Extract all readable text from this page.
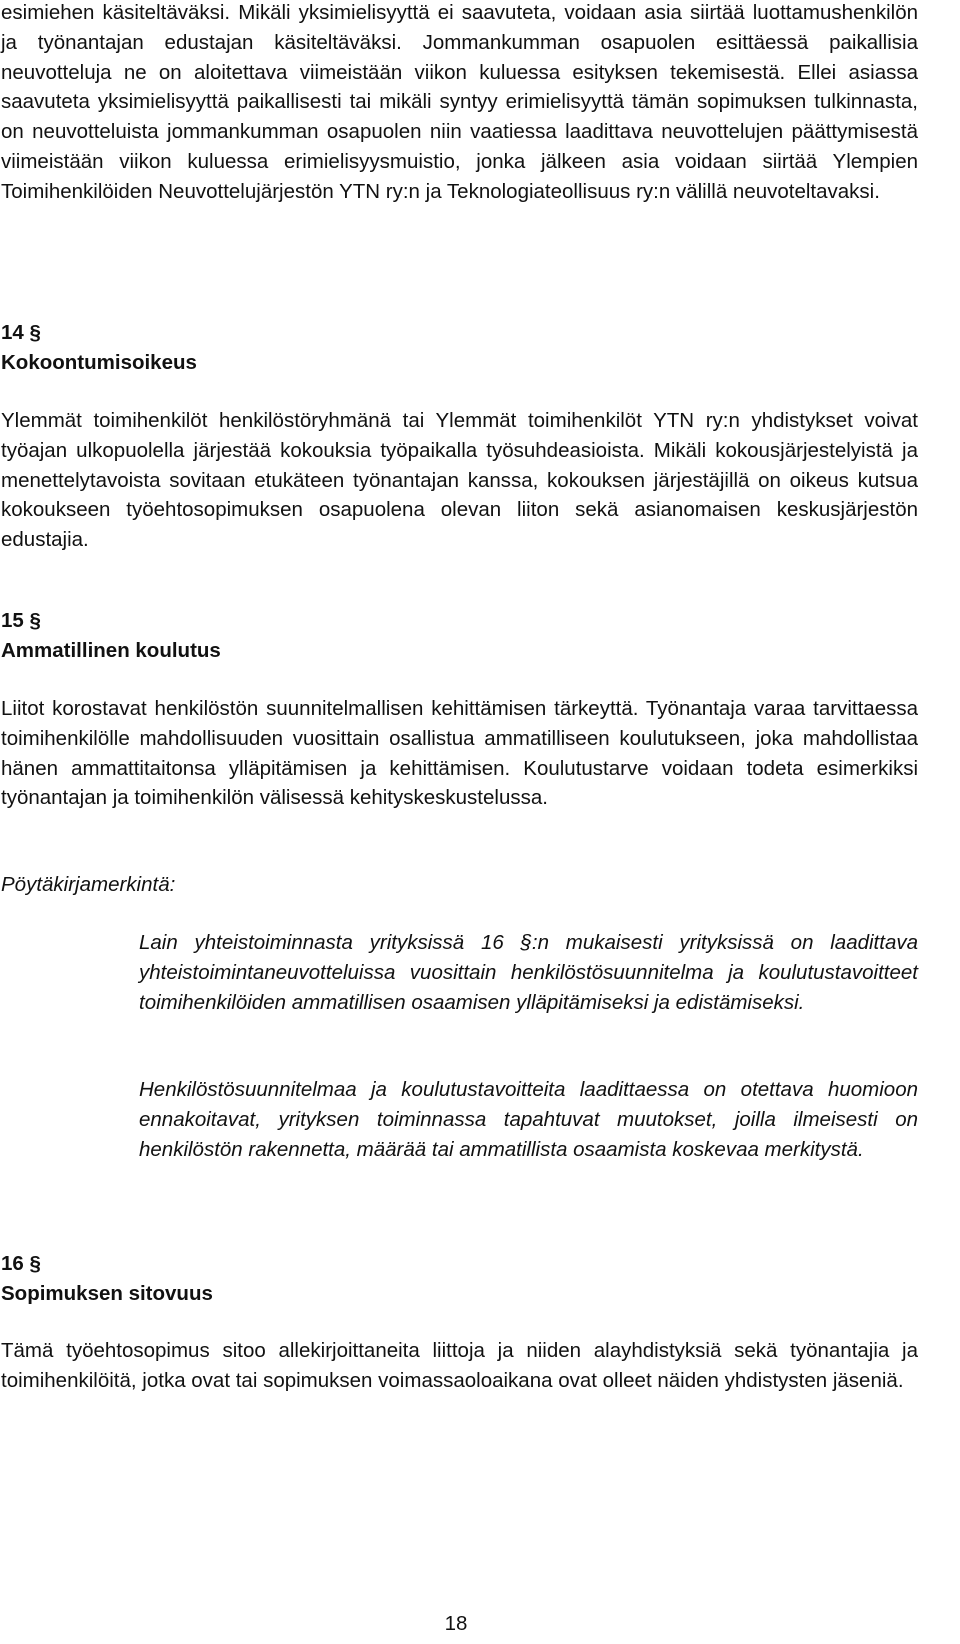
esimiehen käsiteltäväksi. Mikäli yksimielisyyttä ei saavuteta, voidaan asia siirtää luottamushenkilön ja työnantajan edustajan käsiteltäväksi. Jommankumman osapuolen esittäessä paikallisia neuvotteluja ne on aloitettava viimeistään viikon kuluessa esityksen tekemisestä. Ellei asiassa saavuteta yksimielisyyttä paikallisesti tai mikäli syntyy erimielisyyttä tämän sopimuksen tulkinnasta, on neuvotteluista jommankumman osapuolen niin vaatiessa laadittava neuvottelujen päättymisestä viimeistään viikon kuluessa erimielisyysmuistio, jonka jälkeen asia voidaan siirtää Ylempien Toimihenkilöiden Neuvottelujärjestön YTN ry:n ja Teknologiateollisuus ry:n välillä neuvoteltavaksi.

14 §

Kokoontumisoikeus

Ylemmät toimihenkilöt henkilöstöryhmänä tai Ylemmät toimihenkilöt YTN ry:n yhdistykset voivat työajan ulkopuolella järjestää kokouksia työpaikalla työsuhdeasioista. Mikäli kokousjärjestelyistä ja menettelytavoista sovitaan etukäteen työnantajan kanssa, kokouksen järjestäjillä on oikeus kutsua kokoukseen työehtosopimuksen osapuolena olevan liiton sekä asianomaisen keskusjärjestön edustajia.

15 §

Ammatillinen koulutus

Liitot korostavat henkilöstön suunnitelmallisen kehittämisen tärkeyttä. Työnantaja varaa tarvittaessa toimihenkilölle mahdollisuuden vuosittain osallistua ammatilliseen koulutukseen, joka mahdollistaa hänen ammattitaitonsa ylläpitämisen ja kehittämisen. Koulutustarve voidaan todeta esimerkiksi työnantajan ja toimihenkilön välisessä kehityskeskustelussa.

Pöytäkirjamerkintä:

Lain yhteistoiminnasta yrityksissä 16 §:n mukaisesti yrityksissä on laadittava yhteistoimintaneuvotteluissa vuosittain henkilöstösuunnitelma ja koulutustavoitteet toimihenkilöiden ammatillisen osaamisen ylläpitämiseksi ja edistämiseksi.

Henkilöstösuunnitelmaa ja koulutustavoitteita laadittaessa on otettava huomioon ennakoitavat, yrityksen toiminnassa tapahtuvat muutokset, joilla ilmeisesti on henkilöstön rakennetta, määrää tai ammatillista osaamista koskevaa merkitystä.

16 §

Sopimuksen sitovuus

Tämä työehtosopimus sitoo allekirjoittaneita liittoja ja niiden alayhdistyksiä sekä työnantajia ja toimihenkilöitä, jotka ovat tai sopimuksen voimassaoloaikana ovat olleet näiden yhdistysten jäseniä.

18
